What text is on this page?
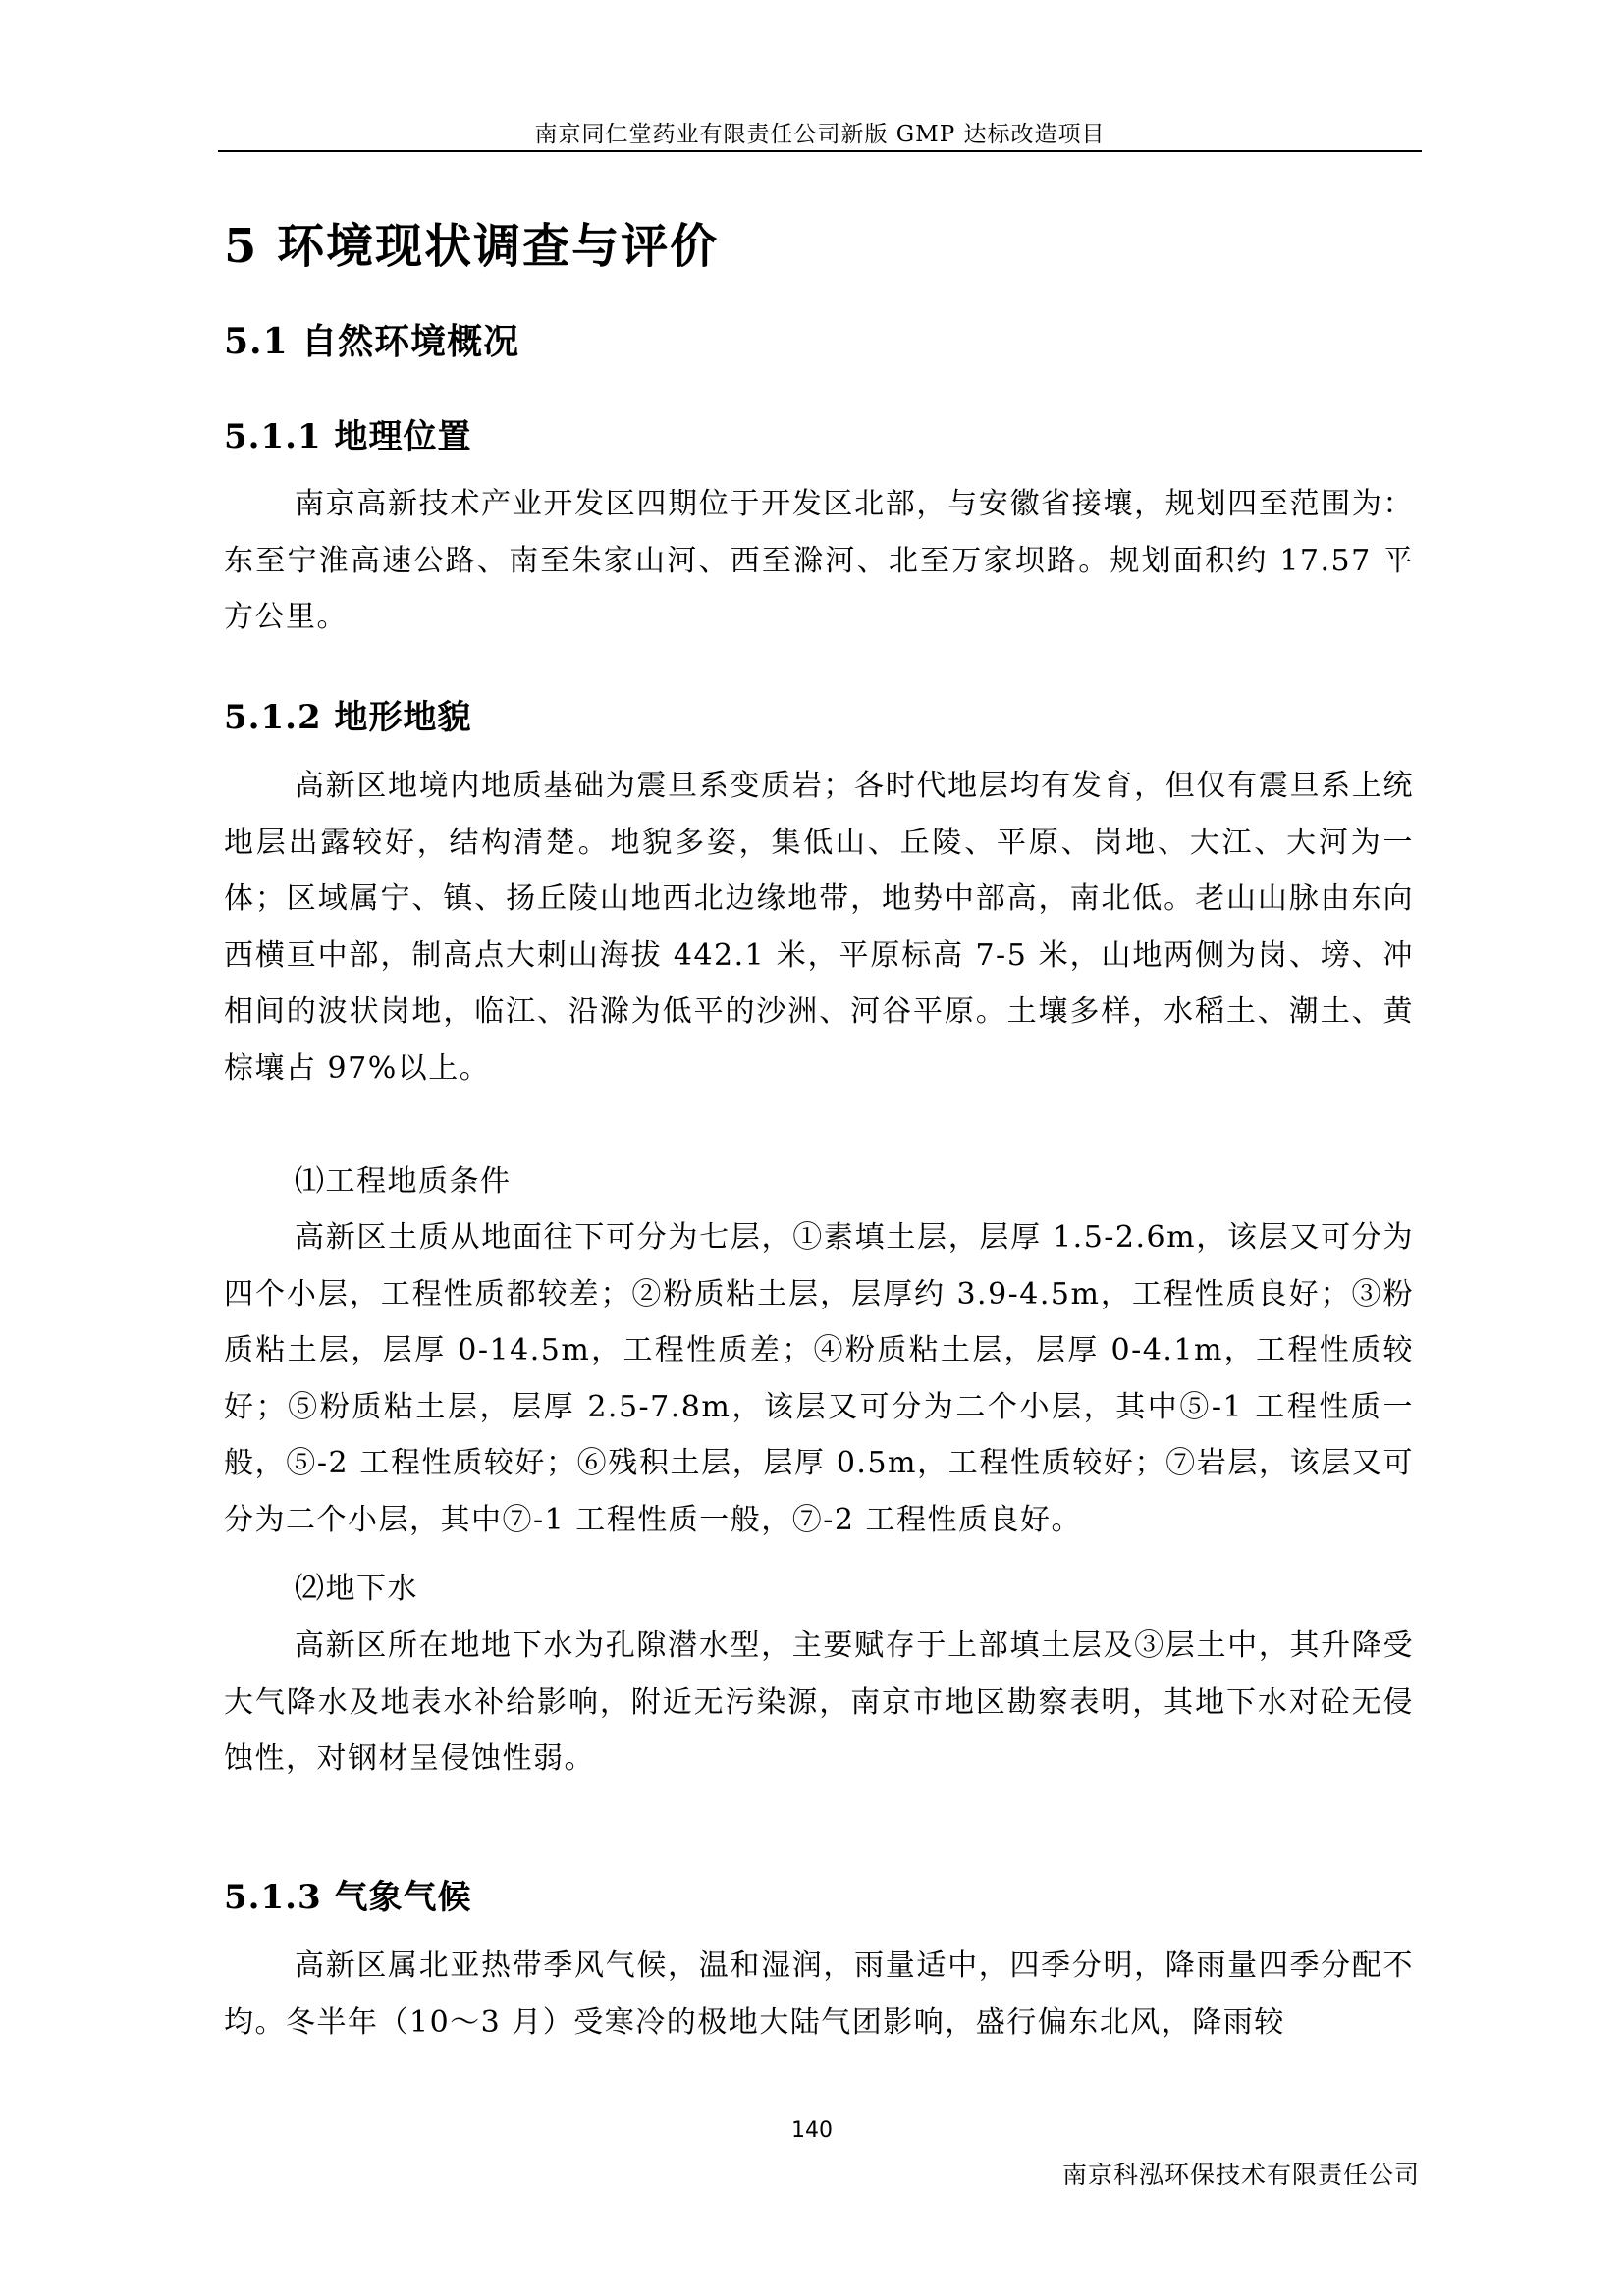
南京同仁堂药业有限责任公司新版 GMP 达标改造项目
5 环境现状调查与评价
5.1 自然环境概况
5.1.1 地理位置

南京高新技术产业开发区四期位于开发区北部，与安徽省接壤，规划四至范围为：东至宁淮高速公路、南至朱家山河、西至滁河、北至万家坝路。规划面积约 17.57 平方公里。

5.1.2 地形地貌

高新区地境内地质基础为震旦系变质岩；各时代地层均有发育，但仅有震旦系上统地层出露较好，结构清楚。地貌多姿，集低山、丘陵、平原、岗地、大江、大河为一体；区域属宁、镇、扬丘陵山地西北边缘地带，地势中部高，南北低。老山山脉由东向西横亘中部，制高点大刺山海拔 442.1 米，平原标高 7-5 米，山地两侧为岗、塝、冲相间的波状岗地，临江、沿滁为低平的沙洲、河谷平原。土壤多样，水稻土、潮土、黄棕壤占 97%以上。

⑴工程地质条件

高新区土质从地面往下可分为七层，①素填土层，层厚 1.5-2.6m，该层又可分为四个小层，工程性质都较差；②粉质粘土层，层厚约 3.9-4.5m，工程性质良好；③粉质粘土层，层厚 0-14.5m，工程性质差；④粉质粘土层，层厚 0-4.1m，工程性质较好；⑤粉质粘土层，层厚 2.5-7.8m，该层又可分为二个小层，其中⑤-1 工程性质一般，⑤-2 工程性质较好；⑥残积土层，层厚 0.5m，工程性质较好；⑦岩层，该层又可分为二个小层，其中⑦-1 工程性质一般，⑦-2 工程性质良好。

⑵地下水

高新区所在地地下水为孔隙潜水型，主要赋存于上部填土层及③层土中，其升降受大气降水及地表水补给影响，附近无污染源，南京市地区勘察表明，其地下水对砼无侵蚀性，对钢材呈侵蚀性弱。

5.1.3 气象气候

高新区属北亚热带季风气候，温和湿润，雨量适中，四季分明，降雨量四季分配不均。冬半年（10～3 月）受寒冷的极地大陆气团影响，盛行偏东北风，降雨较

140
南京科泓环保技术有限责任公司
